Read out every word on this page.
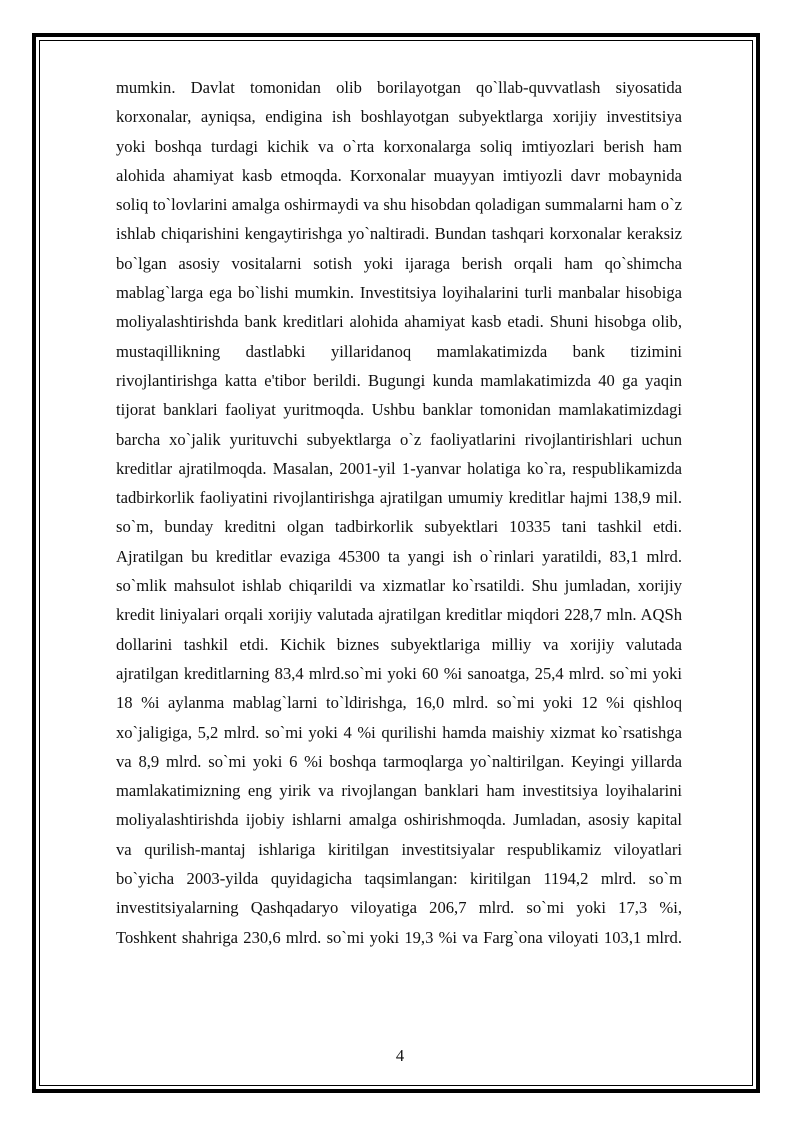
mumkin. Davlat tomonidan olib borilayotgan qo`llab-quvvatlash siyosatida
korxonalar, ayniqsa, endigina ish boshlayotgan subyektlarga xorijiy investitsiya
yoki boshqa turdagi kichik va o`rta korxonalarga soliq imtiyozlari berish ham
alohida ahamiyat kasb etmoqda. Korxonalar muayyan imtiyozli davr mobaynida
soliq to`lovlarini amalga oshirmaydi va shu hisobdan qoladigan summalarni ham o`z
ishlab chiqarishini kengaytirishga yo`naltiradi. Bundan tashqari korxonalar keraksiz
bo`lgan asosiy vositalarni sotish yoki ijaraga berish orqali ham qo`shimcha
mablag`larga ega bo`lishi mumkin. Investitsiya loyihalarini turli manbalar hisobiga
moliyalashtirishda bank kreditlari alohida ahamiyat kasb etadi. Shuni hisobga olib,
mustaqillikning dastlabki yillaridanoq mamlakatimizda bank tizimini
rivojlantirishga katta e'tibor berildi. Bugungi kunda mamlakatimizda 40 ga yaqin
tijorat banklari faoliyat yuritmoqda. Ushbu banklar tomonidan mamlakatimizdagi
barcha xo`jalik yurituvchi subyektlarga o`z faoliyatlarini rivojlantirishlari uchun
kreditlar ajratilmoqda. Masalan, 2001-yil 1-yanvar holatiga ko`ra, respublikamizda
tadbirkorlik faoliyatini rivojlantirishga ajratilgan umumiy kreditlar hajmi 138,9 mil.
so`m, bunday kreditni olgan tadbirkorlik subyektlari 10335 tani tashkil etdi.
Ajratilgan bu kreditlar evaziga 45300 ta yangi ish o`rinlari yaratildi, 83,1 mlrd.
so`mlik mahsulot ishlab chiqarildi va xizmatlar ko`rsatildi. Shu jumladan, xorijiy
kredit liniyalari orqali xorijiy valutada ajratilgan kreditlar miqdori 228,7 mln. AQSh
dollarini tashkil etdi. Kichik biznes subyektlariga milliy va xorijiy valutada
ajratilgan kreditlarning 83,4 mlrd.so`mi yoki 60 %i sanoatga, 25,4 mlrd. so`mi yoki
18 %i aylanma mablag`larni to`ldirishga, 16,0 mlrd. so`mi yoki 12 %i qishloq
xo`jaligiga, 5,2 mlrd. so`mi yoki 4 %i qurilishi hamda maishiy xizmat ko`rsatishga
va 8,9 mlrd. so`mi yoki 6 %i boshqa tarmoqlarga yo`naltirilgan. Keyingi yillarda
mamlakatimizning eng yirik va rivojlangan banklari ham investitsiya loyihalarini
moliyalashtirishda ijobiy ishlarni amalga oshirishmoqda. Jumladan, asosiy kapital
va qurilish-mantaj ishlariga kiritilgan investitsiyalar respublikamiz viloyatlari
bo`yicha 2003-yilda quyidagicha taqsimlangan: kiritilgan 1194,2 mlrd. so`m
investitsiyalarning Qashqadaryo viloyatiga 206,7 mlrd. so`mi yoki 17,3 %i,
Toshkent shahriga 230,6 mlrd. so`mi yoki 19,3 %i va Farg`ona viloyati 103,1 mlrd.
4
